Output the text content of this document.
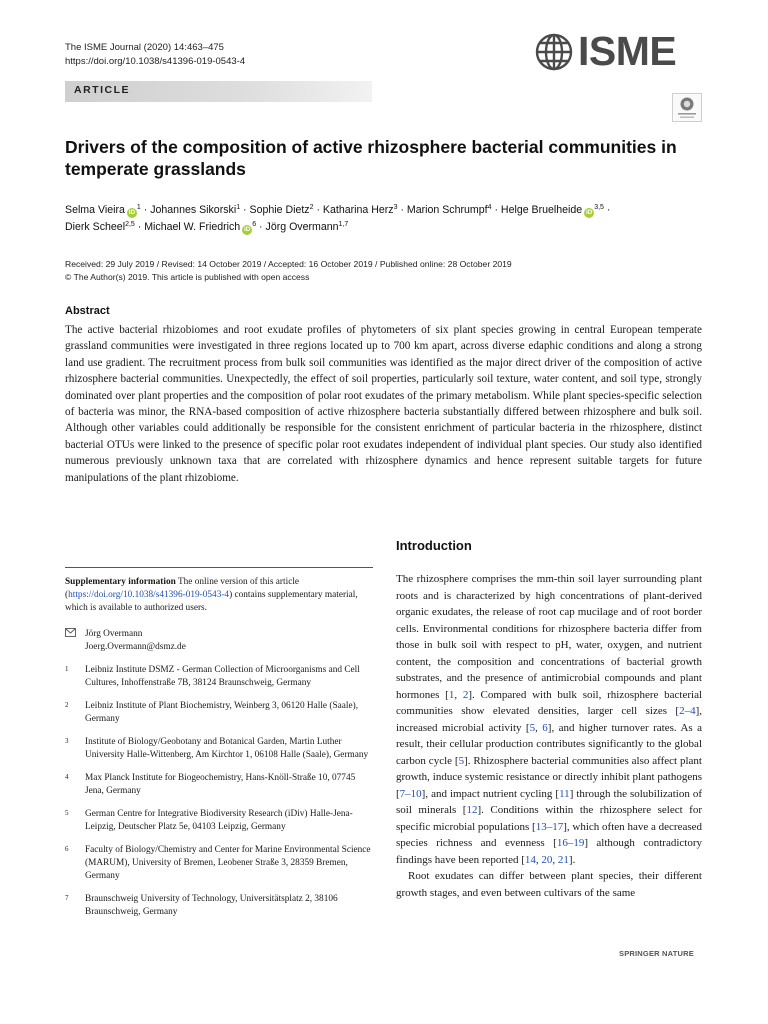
The ISME Journal (2020) 14:463–475
https://doi.org/10.1038/s41396-019-0543-4	ISME
ARTICLE
Drivers of the composition of active rhizosphere bacterial communities in temperate grasslands
Selma Vieira $iD^1$ · Johannes Sikorski$^1$ · Sophie Dietz$^2$ · Katharina Herz$^3$ · Marion Schrumpf$^4$ · Helge Bruelheide iD$^{3,5}$ ·
Dierk Scheel$^{2,5}$ · Michael W. Friedrich $iD^6$ · Jörg Overmann$^{1,7}$
Received: 29 July 2019 / Revised: 14 October 2019 / Accepted: 16 October 2019 / Published online: 28 October 2019
© The Author(s) 2019. This article is published with open access
Abstract

The active bacterial rhizobiomes and root exudate profiles of phytometers of six plant species growing in central European temperate grassland communities were investigated in three regions located up to 700 km apart, across diverse edaphic conditions and along a strong land use gradient. The recruitment process from bulk soil communities was identified as the major direct driver of the composition of active rhizosphere bacterial communities. Unexpectedly, the effect of soil properties, particularly soil texture, water content, and soil type, strongly dominated over plant properties and the composition of polar root exudates of the primary metabolism. While plant species-specific selection of bacteria was minor, the RNA-based composition of active rhizosphere bacteria substantially differed between rhizosphere and bulk soil. Although other variables could additionally be responsible for the consistent enrichment of particular bacteria in the rhizosphere, distinct bacterial OTUs were linked to the presence of specific polar root exudates independent of individual plant species. Our study also identified numerous previously unknown taxa that are correlated with rhizosphere dynamics and hence represent suitable targets for future manipulations of the plant rhizobiome.

Supplementary information The online version of this article (https://doi.org/10.1038/s41396-019-0543-4) contains supplementary material, which is available to authorized users.

Jörg Overmann
Joerg.Overmann@dsmz.de
1	Leibniz Institute DSMZ - German Collection of Microorganisms and Cell Cultures, Inhoffenstraße 7B, 38124 Braunschweig, Germany
2	Leibniz Institute of Plant Biochemistry, Weinberg 3, 06120 Halle (Saale), Germany
3	Institute of Biology/Geobotany and Botanical Garden, Martin Luther University Halle-Wittenberg, Am Kirchtor 1, 06108 Halle (Saale), Germany
4	Max Planck Institute for Biogeochemistry, Hans-Knöll-Straße 10, 07745 Jena, Germany
5	German Centre for Integrative Biodiversity Research (iDiv) Halle-Jena-Leipzig, Deutscher Platz 5e, 04103 Leipzig, Germany
6	Faculty of Biology/Chemistry and Center for Marine Environmental Science (MARUM), University of Bremen, Leobener Straße 3, 28359 Bremen, Germany
7	Braunschweig University of Technology, Universitätsplatz 2, 38106 Braunschweig, Germany
Introduction

The rhizosphere comprises the mm-thin soil layer surrounding plant roots and is characterized by high concentrations of plant-derived organic exudates, the release of root cap mucilage and of root border cells. Environmental conditions for rhizosphere bacteria differ from those in bulk soil with respect to pH, water, oxygen, and nutrient content, the composition and concentrations of bacterial growth substrates, and the presence of antimicrobial compounds and plant hormones [1, 2]. Compared with bulk soil, rhizosphere bacterial communities show elevated densities, larger cell sizes [2–4], increased microbial activity [5, 6], and higher turnover rates. As a result, their cellular production contributes significantly to the global carbon cycle [5]. Rhizosphere bacterial communities also affect plant growth, induce systemic resistance or directly inhibit plant pathogens [7–10], and impact nutrient cycling [11] through the solubilization of soil minerals [12]. Conditions within the rhizosphere select for specific microbial populations [13–17], which often have a decreased species richness and evenness [16–19] although contradictory findings have been reported [14, 20, 21].

Root exudates can differ between plant species, their different growth stages, and even between cultivars of the same

SPRINGER NATURE
